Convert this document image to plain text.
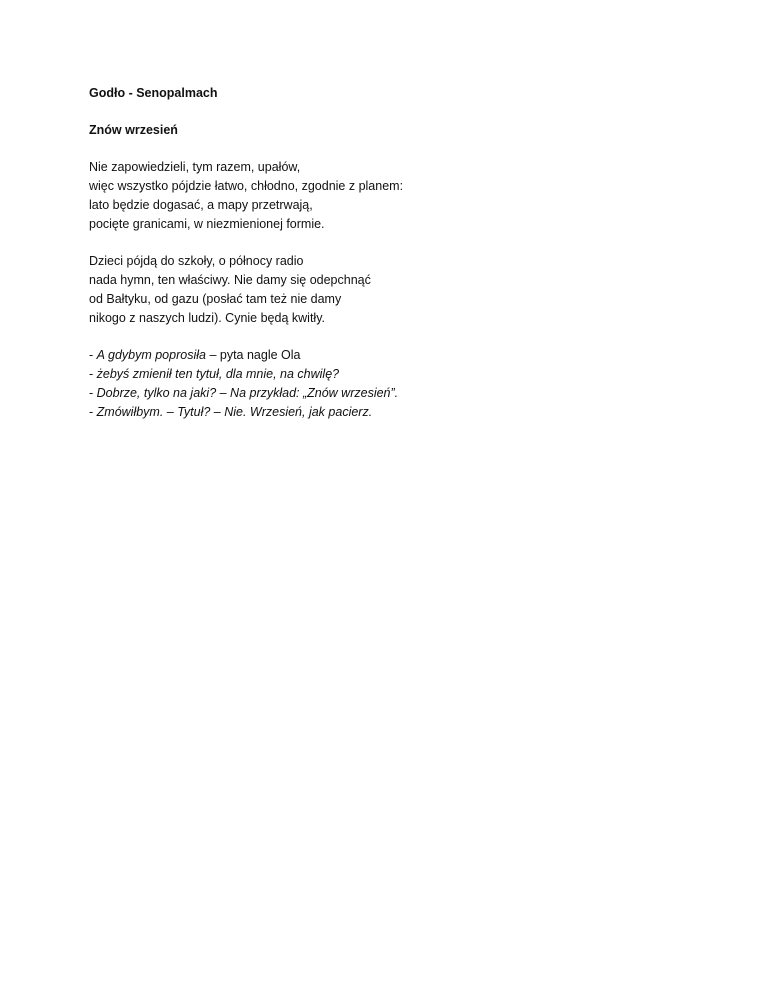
Godło - Senopalmach
Znów wrzesień
Nie zapowiedzieli, tym razem, upałów,
więc wszystko pójdzie łatwo, chłodno, zgodnie z planem:
lato będzie dogasać, a mapy przetrwają,
pocięte granicami, w niezmienionej formie.
Dzieci pójdą do szkoły, o północy radio
nada hymn, ten właściwy. Nie damy się odepchnąć
od Bałtyku, od gazu (posłać tam też nie damy
nikogo z naszych ludzi). Cynie będą kwitły.
- A gdybym poprosiła – pyta nagle Ola
- żebyś zmienił ten tytuł, dla mnie, na chwilę?
- Dobrze, tylko na jaki? – Na przykład: „Znów wrzesień”.
- Zmówiłbym. – Tytuł? – Nie. Wrzesień, jak pacierz.
